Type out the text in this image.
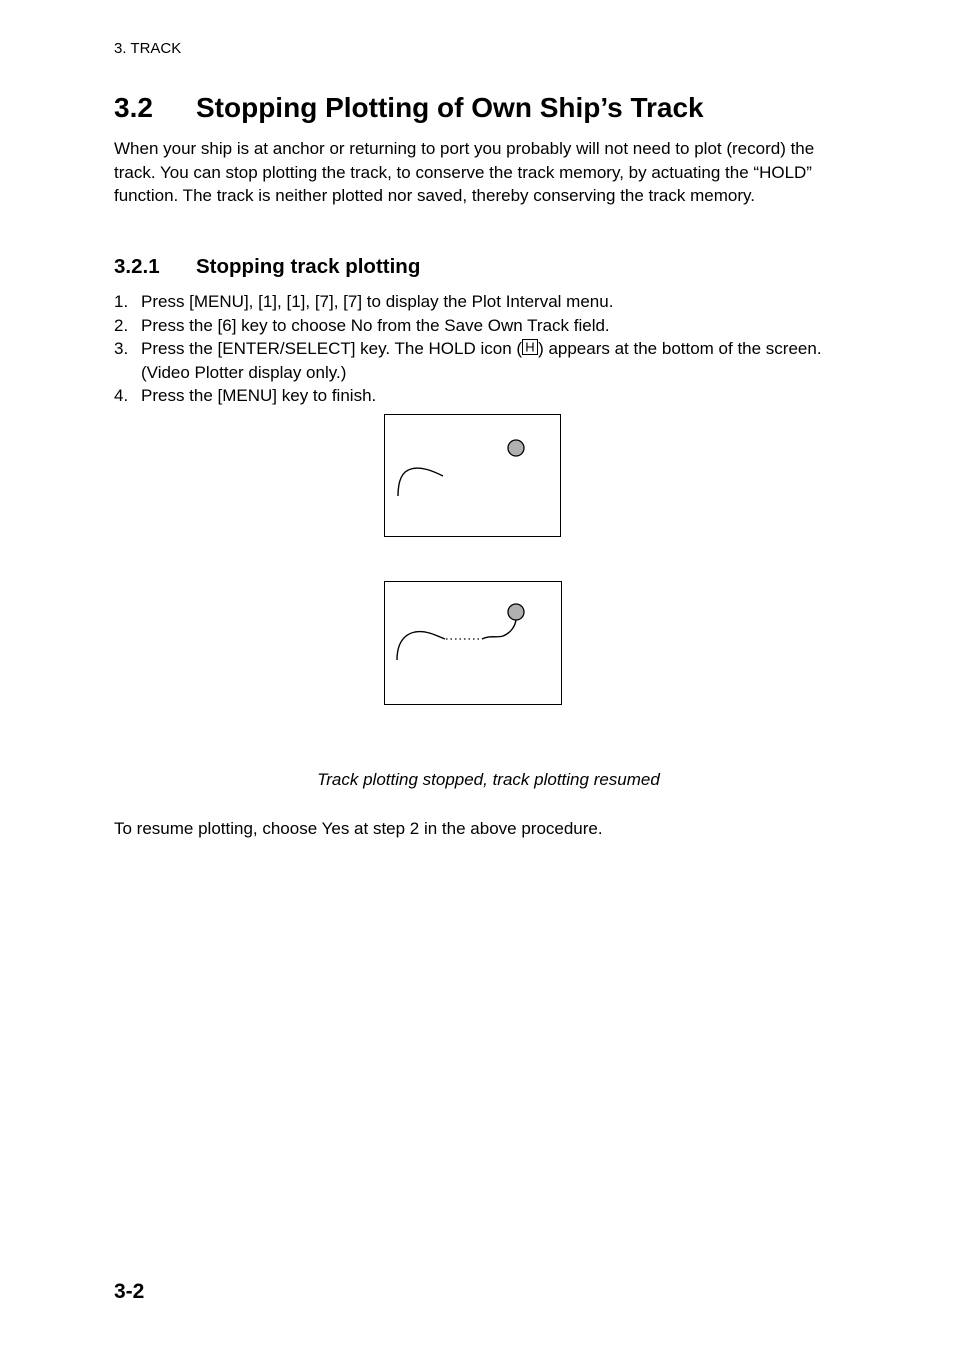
3. TRACK
3.2 Stopping Plotting of Own Ship’s Track

When your ship is at anchor or returning to port you probably will not need to plot (record) the track. You can stop plotting the track, to conserve the track memory, by actuating the “HOLD” function. The track is neither plotted nor saved, thereby conserving the track memory.

3.2.1 Stopping track plotting
1. Press [MENU], [1], [1], [7], [7] to display the Plot Interval menu.
2. Press the [6] key to choose No from the Save Own Track field.
3. Press the [ENTER/SELECT] key. The HOLD icon ( H ) appears at the bottom of the screen. (Video Plotter display only.)
4. Press the [MENU] key to finish.
Track plotting stopped, track plotting resumed

To resume plotting, choose Yes at step 2 in the above procedure.

3-2
